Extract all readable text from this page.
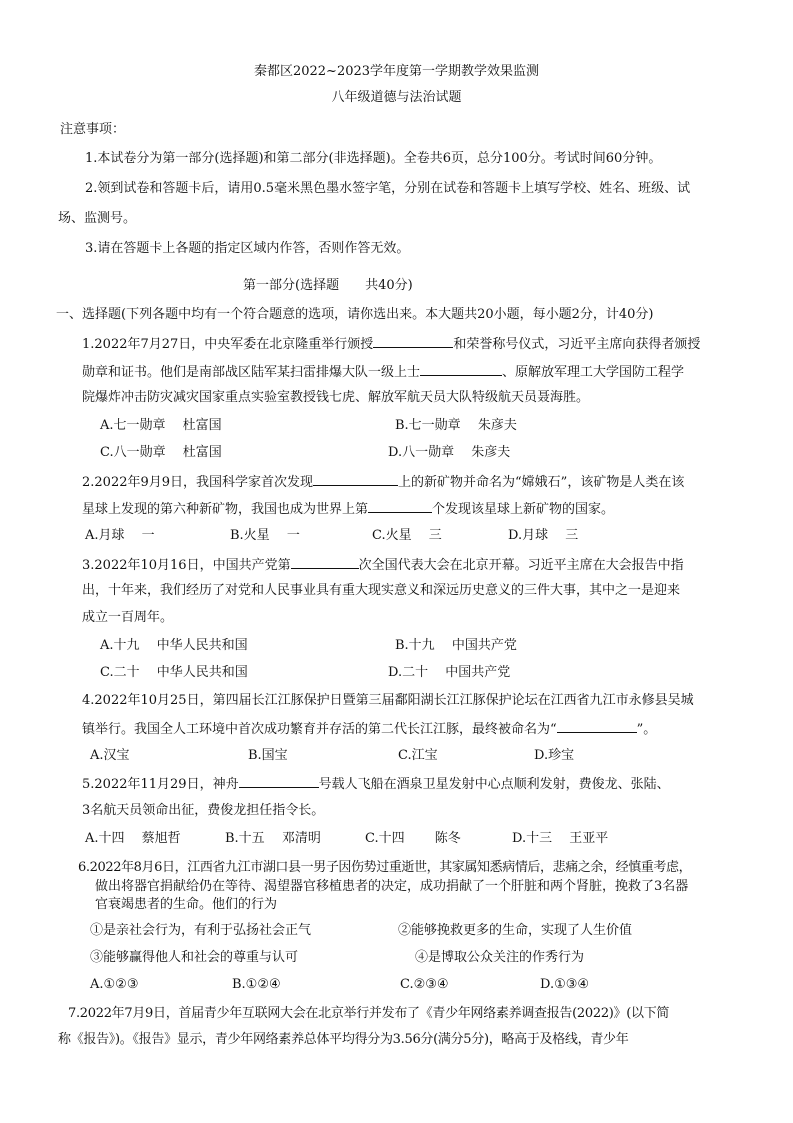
秦都区2022~2023学年度第一学期教学效果监测
八年级道德与法治试题
注意事项：
1.本试卷分为第一部分(选择题)和第二部分(非选择题)。全卷共6页，总分100分。考试时间60分钟。
2.领到试卷和答题卡后，请用0.5毫米黑色墨水签字笔，分别在试卷和答题卡上填写学校、姓名、班级、试
场、监测号。
3.请在答题卡上各题的指定区域内作答，否则作答无效。
第一部分(选择题　　共40分)
一、选择题(下列各题中均有一个符合题意的选项，请你选出来。本大题共20小题，每小题2分，计40分)
1.2022年7月27日，中央军委在北京隆重举行颁授	和荣誉称号仪式，习近平主席向获得者颁授
勋章和证书。他们是南部战区陆军某扫雷排爆大队一级上士	、原解放军理工大学国防工程学
院爆炸冲击防灾减灾国家重点实验室教授钱七虎、解放军航天员大队特级航天员聂海胜。
A.七一勋章　 杜富国	B.七一勋章　 朱彦夫
C.八一勋章　 杜富国	D.八一勋章　 朱彦夫
2.2022年9月9日，我国科学家首次发现	上的新矿物并命名为“嫦娥石”，该矿物是人类在该
星球上发现的第六种新矿物，我国也成为世界上第	个发现该星球上新矿物的国家。
A.月球　 一	B.火星　 一	C.火星　 三	D.月球　 三
3.2022年10月16日，中国共产党第	次全国代表大会在北京开幕。习近平主席在大会报告中指
出，十年来，我们经历了对党和人民事业具有重大现实意义和深远历史意义的三件大事，其中之一是迎来
成立一百周年。
A.十九　 中华人民共和国	B.十九　 中国共产党
C.二十　 中华人民共和国	D.二十　 中国共产党
4.2022年10月25日，第四届长江江豚保护日暨第三届鄱阳湖长江江豚保护论坛在江西省九江市永修县吴城
镇举行。我国全人工环境中首次成功繁育并存活的第二代长江江豚，最终被命名为“	”。
A.汉宝	B.国宝	C.江宝	D.珍宝
5.2022年11月29日，神舟	号载人飞船在酒泉卫星发射中心点顺利发射，费俊龙、张陆、
3名航天员领命出征，费俊龙担任指令长。
A.十四　 蔡旭哲	B.十五　 邓清明	C.十四　　 陈冬	D.十三　 王亚平
6.2022年8月6日，江西省九江市湖口县一男子因伤势过重逝世，其家属知悉病情后，悲痛之余，经慎重考虑，
做出将器官捐献给仍在等待、渴望器官移植患者的决定，成功捐献了一个肝脏和两个肾脏，挽救了3名器
官衰竭患者的生命。他们的行为
①是亲社会行为，有利于弘扬社会正气	②能够挽救更多的生命，实现了人生价值
③能够赢得他人和社会的尊重与认可	④是博取公众关注的作秀行为
A.①②③	B.①②④	C.②③④	D.①③④
7.2022年7月9日，首届青少年互联网大会在北京举行并发布了《青少年网络素养调查报告(2022)》(以下简
称《报告》)。《报告》显示，青少年网络素养总体平均得分为3.56分(满分5分)，略高于及格线，青少年
